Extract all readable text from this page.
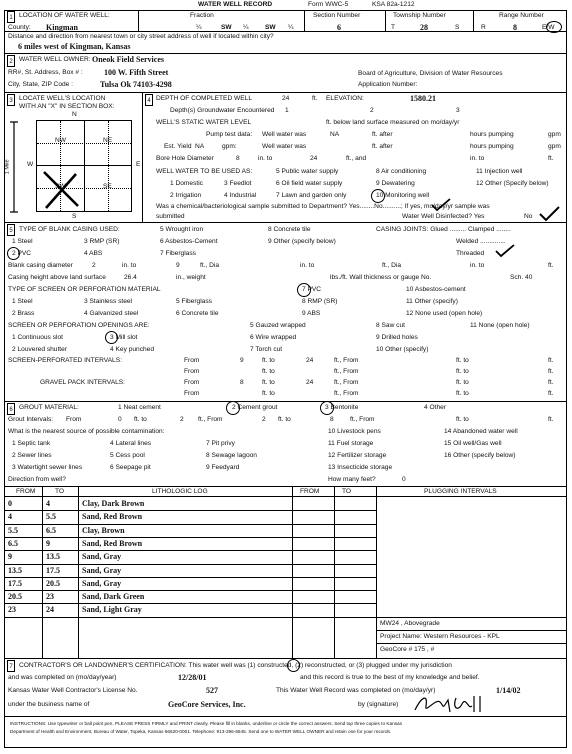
WATER WELL RECORD	Form WWC-5	KSA 82a-1212
1 LOCATION OF WATER WELL:
County: Kingman
Fraction
¼	SW ¼	SW ¼
Section Number
6
Township Number
T	28	S
Range Number
R	8	E/W
Distance and direction from nearest town or city street address of well if located within city?
6 miles west of Kingman, Kansas
2 WATER WELL OWNER: Oneok Field Services
RR#, St. Address, Box # :	100 W. Fifth Street
City, State, ZIP Code :	Tulsa Ok 74103-4298
Board of Agriculture, Division of Water Resources
Application Number:
3 LOCATE WELL'S LOCATION
WITH AN "X" IN SECTION BOX:
N
S
W	E
NW	NE
SW	SE
1 Mile
4 DEPTH OF COMPLETED WELL	24	ft. ELEVATION:	1580.21
Depth(s) Groundwater Encountered 1	2	3
WELL'S STATIC WATER LEVEL	ft. below land surface measured on mo/day/yr
Pump test data: Well water was	NA	ft. after	hours pumping	gpm
Est. Yield NA	gpm:	Well water was	ft. after	hours pumping	gpm
Bore Hole Diameter	8	in. to	24	ft., and	in. to	ft.
WELL WATER TO BE USED AS:
1 Domestic
2 Irrigation
3 Feedlot
4 Industrial
5 Public water supply
6 Oil field water supply
7 Lawn and garden only
8 Air conditioning
9 Dewatering
10 Monitoring well
11 Injection well
12 Other (Specify below)
Was a chemical/bacteriological sample submitted to Department? Yes........No..........; If yes, mo/day/yr sample was
submitted	Water Well Disinfected? Yes	No
5 TYPE OF BLANK CASING USED:
1 Steel
2 PVC
3 RMP (SR)
4 ABS
5 Wrought iron
6 Asbestos-Cement
7 Fiberglass
8 Concrete tile
9 Other (specify below)
CASING JOINTS: Glued ......... Clamped ........
Welded ..............
Threaded
Blank casing diameter	2	in. to	9	ft., Dia	in. to	ft., Dia	in. to	ft.
Casing height above land surface	26.4	in., weight	lbs./ft. Wall thickness or gauge No.	Sch. 40
TYPE OF SCREEN OR PERFORATION MATERIAL
1 Steel
2 Brass
3 Stainless steel
4 Galvanized steel
5 Fiberglass
6 Concrete tile
7 PVC
8 RMP (SR)
9 ABS
10 Asbestos-cement
11 Other (specify)
12 None used (open hole)
SCREEN OR PERFORATION OPENINGS ARE:
1 Continuous slot
2 Louvered shutter
3 Mill slot
4 Key punched
5 Gauzed wrapped
6 Wire wrapped
7 Torch cut
8 Saw cut
9 Drilled holes
10 Other (specify)
11 None (open hole)
SCREEN-PERFORATED INTERVALS:	From	9	ft. to	24	ft., From	ft. to	ft.
From	ft. to	ft., From	ft. to	ft.
GRAVEL PACK INTERVALS:	From	8	ft. to	24	ft., From	ft. to	ft.
From	ft. to	ft., From	ft. to	ft.
6 GROUT MATERIAL:	1 Neat cement	2 Cement grout	3 Bentonite	4 Other
Grout Intervals: From	0 ft. to	2 ft., From	2 ft. to	8 ft., From	ft. to	ft.
What is the nearest source of possible contamination:
1 Septic tank
2 Sewer lines
3 Watertight sewer lines
4 Lateral lines
5 Cess pool
6 Seepage pit
7 Pit privy
8 Sewage lagoon
9 Feedyard
10 Livestock pens
11 Fuel storage
12 Fertilizer storage
13 Insecticide storage
14 Abandoned water well
15 Oil well/Gas well
16 Other (specify below)
Direction from well?	How many feet?	0
FROM	TO	LITHOLOGIC LOG	FROM	TO	PLUGGING INTERVALS
0	4	Clay, Dark Brown
4	5.5	Sand, Red Brown
5.5	6.5	Clay, Brown
6.5	9	Sand, Red Brown
9	13.5	Sand, Gray
13.5	17.5	Sand, Gray
17.5	20.5	Sand, Gray
20.5	23	Sand, Dark Green
23	24	Sand, Light Gray
MW24 , Abovegrade
Project Name: Western Resources - KPL
GeoCore # 175 , #
7 CONTRACTOR'S OR LANDOWNER'S CERTIFICATION: This water well was (1) constructed, (2) reconstructed, or (3) plugged under my jurisdiction
and was completed on (mo/day/year)	12/28/01	and this record is true to the best of my knowledge and belief.
Kansas Water Well Contractor's License No.	527	This Water Well Record was completed on (mo/day/yr)	1/14/02
under the business name of	GeoCore Services, Inc.	by (signature)
INSTRUCTIONS: Use typewriter or ball point pen. PLEASE PRESS FIRMLY and PRINT clearly. Please fill in blanks, underline or circle the correct answers. Send top three copies to Kansas
Department of Health and Environment, Bureau of Water, Topeka, Kansas 66620-0001. Telephone: 913-296-5545. Send one to WATER WELL OWNER and retain one for your records.
